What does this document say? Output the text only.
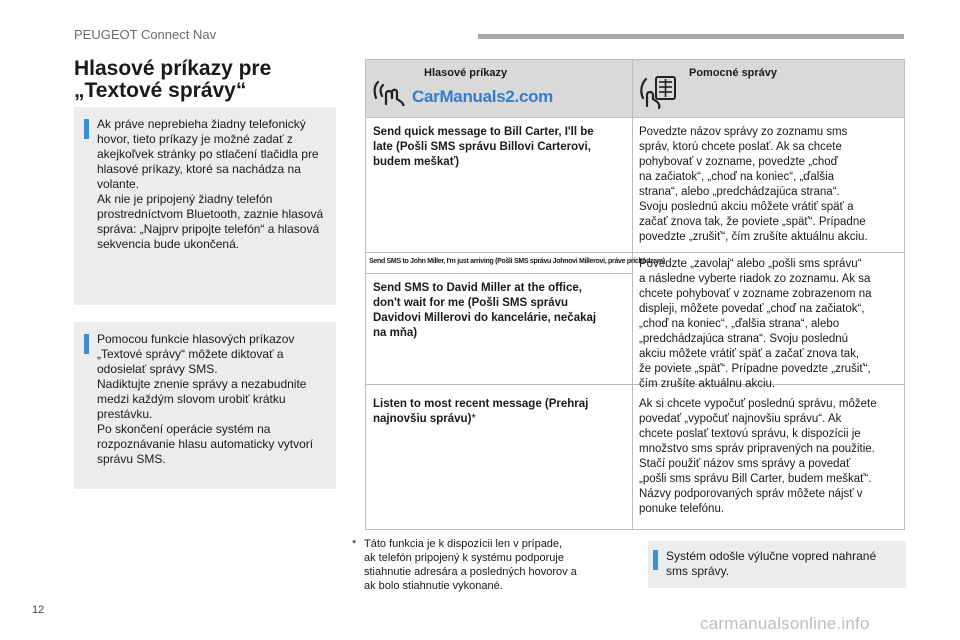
PEUGEOT Connect Nav
Hlasové príkazy pre
„Textové správy“
Ak práve neprebieha žiadny telefonický
hovor, tieto príkazy je možné zadať z
akejkoľvek stránky po stlačení tlačidla pre
hlasové príkazy, ktoré sa nachádza na
volante.
Ak nie je pripojený žiadny telefón
prostredníctvom Bluetooth, zaznie hlasová
správa: „Najprv pripojte telefón“ a hlasová
sekvencia bude ukončená.
Pomocou funkcie hlasových príkazov
„Textové správy“ môžete diktovať a
odosielať správy SMS.
Nadiktujte znenie správy a nezabudnite
medzi každým slovom urobiť krátku
prestávku.
Po skončení operácie systém na
rozpoznávanie hlasu automaticky vytvorí
správu SMS.
Hlasové príkazy
CarManuals2.com
Pomocné správy
Send quick message to Bill Carter, I'll be
late (Pošli SMS správu Billovi Carterovi,
budem meškať)
Povedzte názov správy zo zoznamu sms
správ, ktorú chcete poslať. Ak sa chcete
pohybovať v zozname, povedzte „choď
na začiatok“, „choď na koniec“, „ďalšia
strana“, alebo „predchádzajúca strana“.
Svoju poslednú akciu môžete vrátiť späť a
začať znova tak, že poviete „späť“. Prípadne
povedzte „zrušiť“, čím zrušíte aktuálnu akciu.
Send SMS to John Miller, I'm just arriving (Pošli SMS správu Johnovi Millerovi, práve prichádzam)
Send SMS to David Miller at the office,
don't wait for me (Pošli SMS správu
Davidovi Millerovi do kancelárie, nečakaj
na mňa)
Povedzte „zavolaj“ alebo „pošli sms správu“
a následne vyberte riadok zo zoznamu. Ak sa
chcete pohybovať v zozname zobrazenom na
displeji, môžete povedať „choď na začiatok“,
„choď na koniec“, „ďalšia strana“, alebo
„predchádzajúca strana“. Svoju poslednú
akciu môžete vrátiť späť a začať znova tak,
že poviete „späť“. Prípadne povedzte „zrušiť“,
čím zrušíte aktuálnu akciu.
Listen to most recent message (Prehraj
najnovšiu správu)*
Ak si chcete vypočuť poslednú správu, môžete
povedať „vypočuť najnovšiu správu“. Ak
chcete poslať textovú správu, k dispozícii je
množstvo sms správ pripravených na použitie.
Stačí použiť názov sms správy a povedať
„pošli sms správu Bill Carter, budem meškať“.
Názvy podporovaných správ môžete nájsť v
ponuke telefónu.
* Táto funkcia je k dispozícii len v prípade,
ak telefón pripojený k systému podporuje
stiahnutie adresára a posledných hovorov a
ak bolo stiahnutie vykonané.
Systém odošle výlučne vopred nahrané
sms správy.
12
carmanualsonline.info
